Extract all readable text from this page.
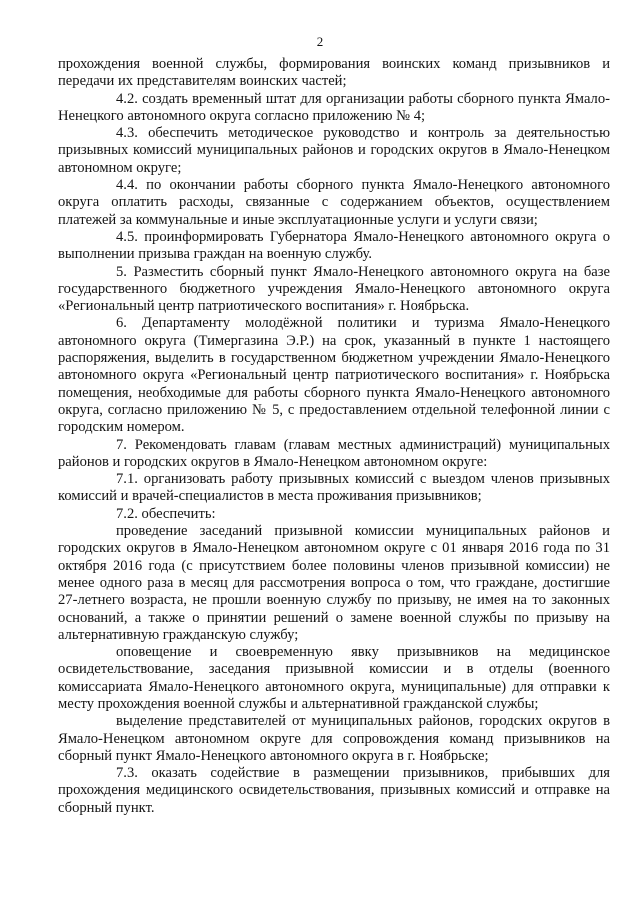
2

прохождения военной службы, формирования воинских команд призывников и передачи их представителям воинских частей;

4.2. создать временный штат для организации работы сборного пункта Ямало-Ненецкого автономного округа согласно приложению № 4;

4.3. обеспечить методическое руководство и контроль за деятельностью призывных комиссий муниципальных районов и городских округов в Ямало-Ненецком автономном округе;

4.4. по окончании работы сборного пункта Ямало-Ненецкого автономного округа оплатить расходы, связанные с содержанием объектов, осуществлением платежей за коммунальные и иные эксплуатационные услуги и услуги связи;

4.5. проинформировать Губернатора Ямало-Ненецкого автономного округа о выполнении призыва граждан на военную службу.

5. Разместить сборный пункт Ямало-Ненецкого автономного округа на базе государственного бюджетного учреждения Ямало-Ненецкого автономного округа «Региональный центр патриотического воспитания» г. Ноябрьска.

6. Департаменту молодёжной политики и туризма Ямало-Ненецкого автономного округа (Тимергазина Э.Р.) на срок, указанный в пункте 1 настоящего распоряжения, выделить в государственном бюджетном учреждении Ямало-Ненецкого автономного округа «Региональный центр патриотического воспитания» г. Ноябрьска помещения, необходимые для работы сборного пункта Ямало-Ненецкого автономного округа, согласно приложению № 5, с предоставлением отдельной телефонной линии с городским номером.

7. Рекомендовать главам (главам местных администраций) муниципальных районов и городских округов в Ямало-Ненецком автономном округе:

7.1. организовать работу призывных комиссий с выездом членов призывных комиссий и врачей-специалистов в места проживания призывников;

7.2. обеспечить:

проведение заседаний призывной комиссии муниципальных районов и городских округов в Ямало-Ненецком автономном округе с 01 января 2016 года по 31 октября 2016 года (с присутствием более половины членов призывной комиссии) не менее одного раза в месяц для рассмотрения вопроса о том, что граждане, достигшие 27-летнего возраста, не прошли военную службу по призыву, не имея на то законных оснований, а также о принятии решений о замене военной службы по призыву на альтернативную гражданскую службу;

оповещение и своевременную явку призывников на медицинское освидетельствование, заседания призывной комиссии и в отделы (военного комиссариата Ямало-Ненецкого автономного округа, муниципальные) для отправки к месту прохождения военной службы и альтернативной гражданской службы;

выделение представителей от муниципальных районов, городских округов в Ямало-Ненецком автономном округе для сопровождения команд призывников на сборный пункт Ямало-Ненецкого автономного округа в г. Ноябрьске;

7.3. оказать содействие в размещении призывников, прибывших для прохождения медицинского освидетельствования, призывных комиссий и отправке на сборный пункт.
